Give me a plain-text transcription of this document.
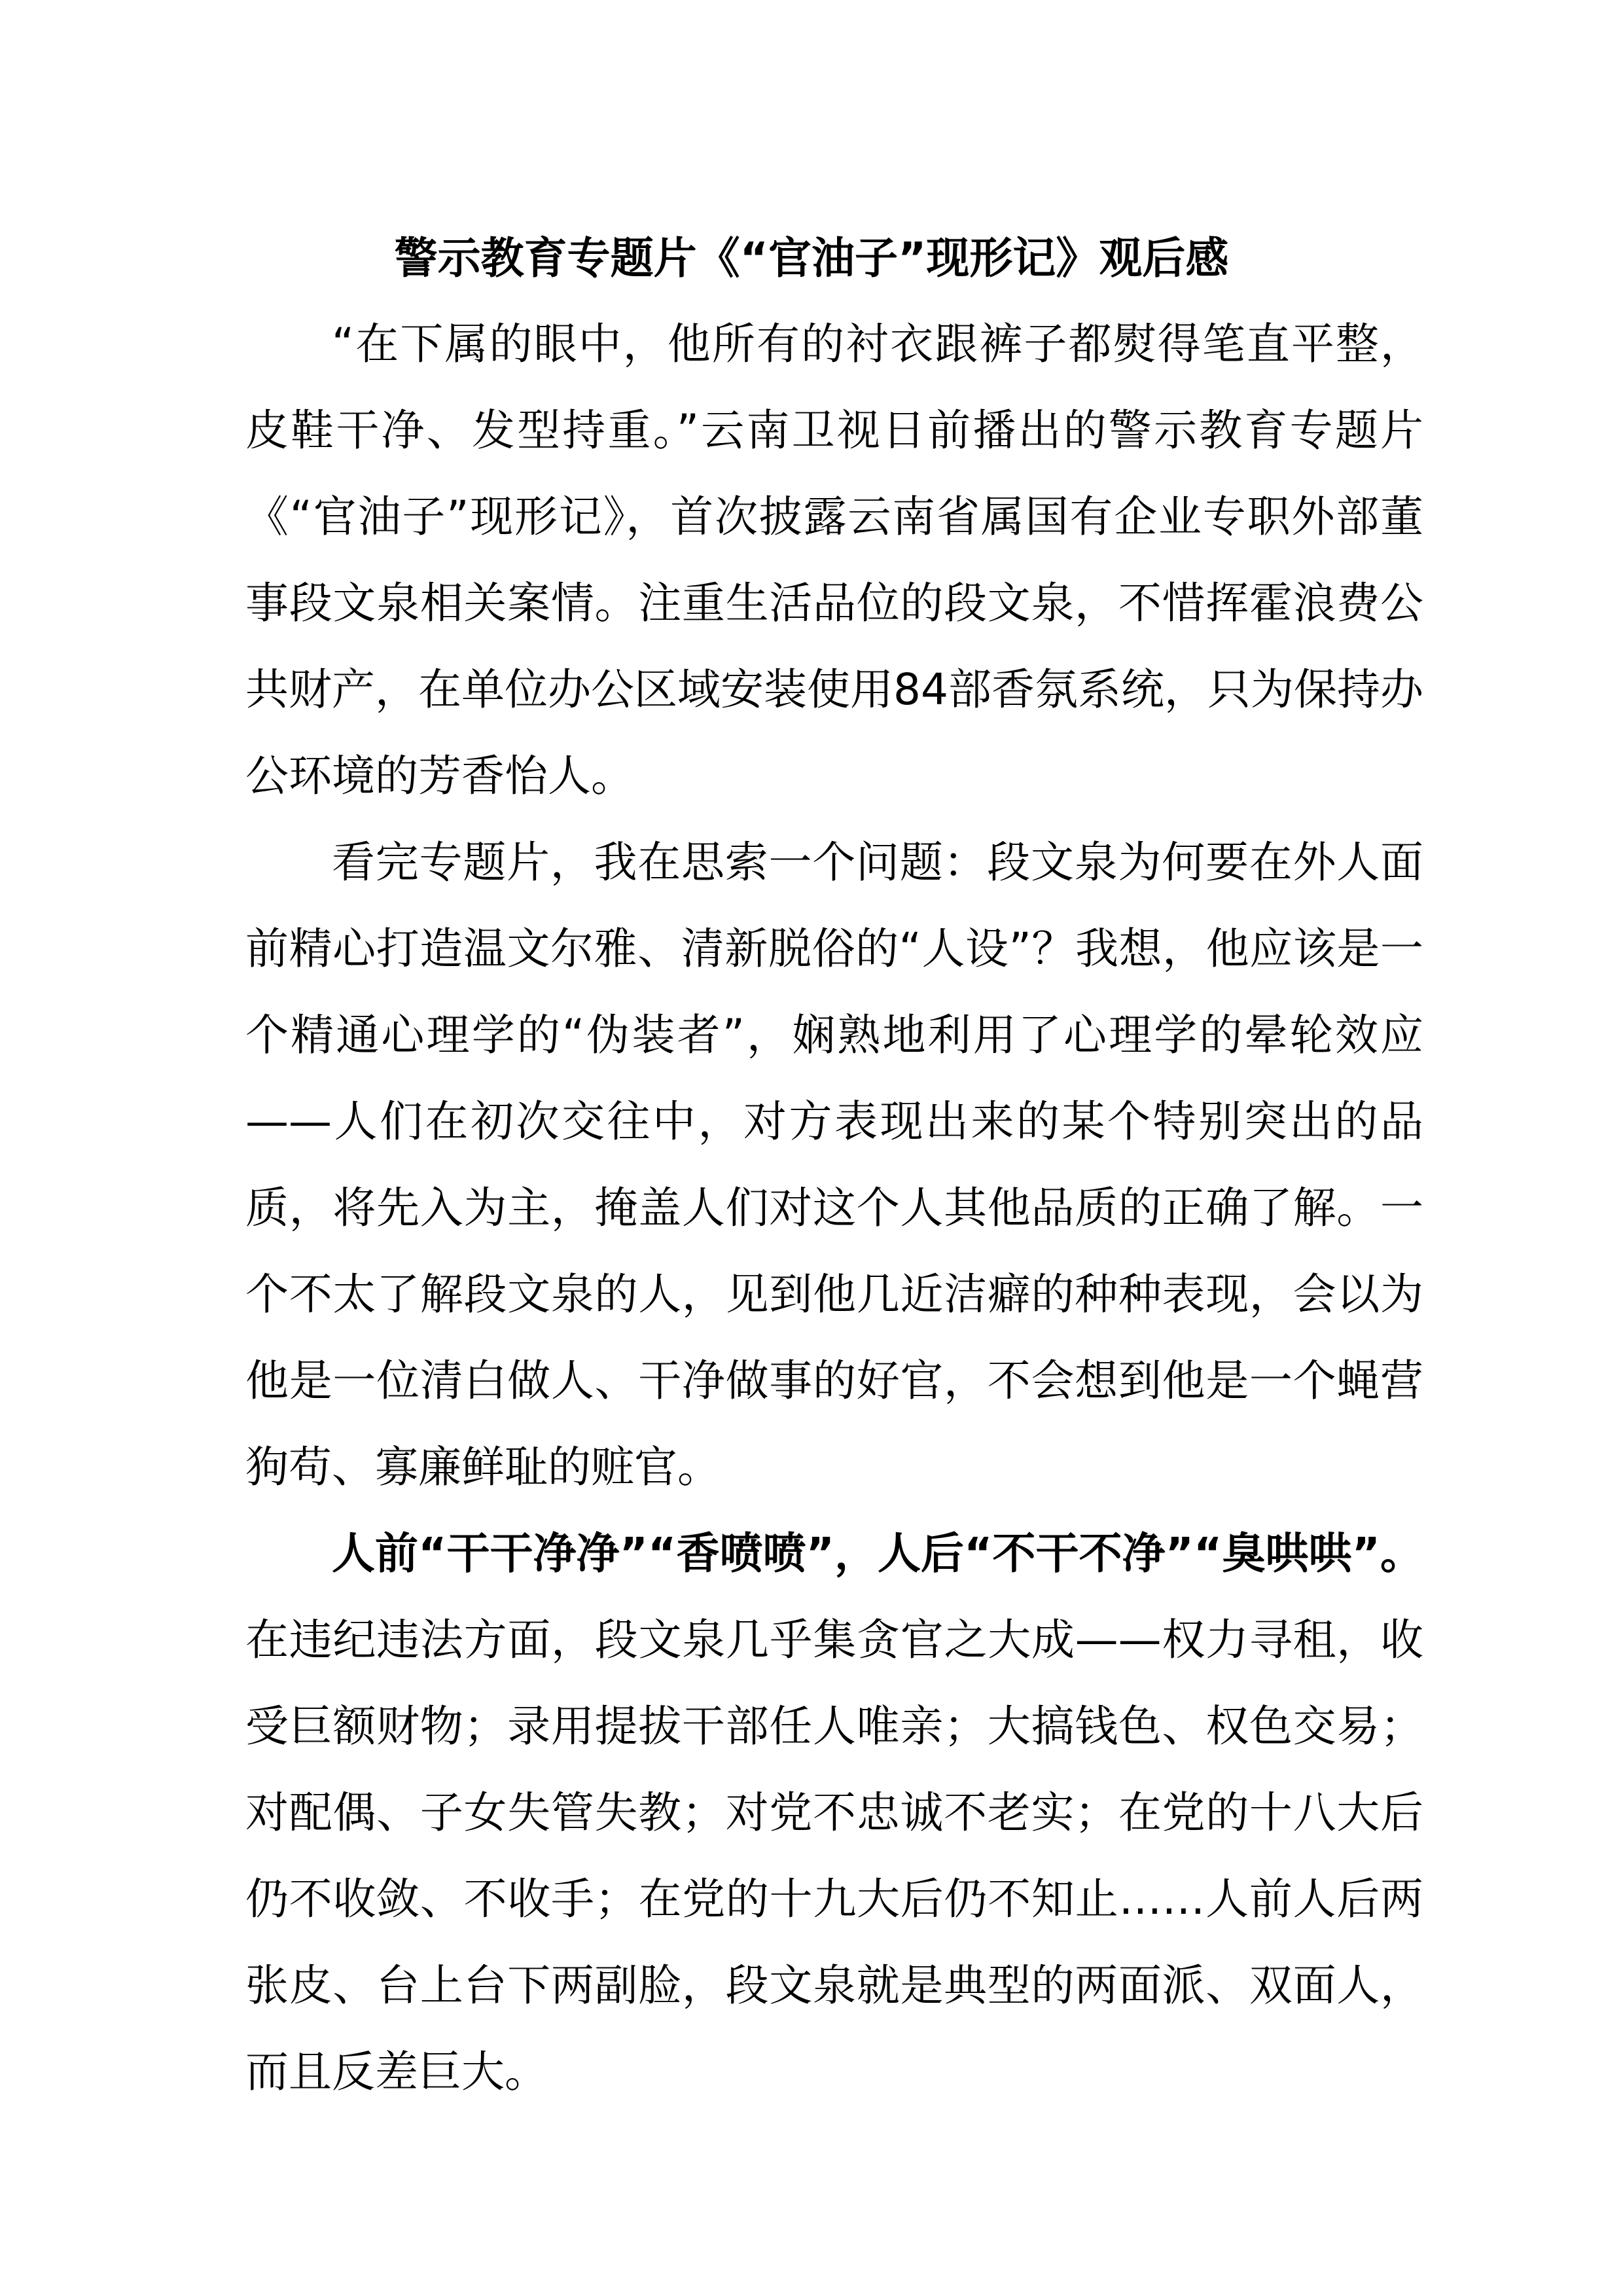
警示教育专题片《“官油子”现形记》观后感

“在下属的眼中，他所有的衬衣跟裤子都熨得笔直平整，皮鞋干净、发型持重。”云南卫视日前播出的警示教育专题片《“官油子”现形记》，首次披露云南省属国有企业专职外部董事段文泉相关案情。注重生活品位的段文泉，不惜挥霍浪费公共财产，在单位办公区域安装使用84部香氛系统，只为保持办公环境的芳香怡人。

看完专题片，我在思索一个问题：段文泉为何要在外人面前精心打造温文尔雅、清新脱俗的“人设”？我想，他应该是一个精通心理学的“伪装者”，娴熟地利用了心理学的晕轮效应——人们在初次交往中，对方表现出来的某个特别突出的品质，将先入为主，掩盖人们对这个人其他品质的正确了解。一个不太了解段文泉的人，见到他几近洁癖的种种表现，会以为他是一位清白做人、干净做事的好官，不会想到他是一个蝇营狗苟、寡廉鲜耻的赃官。

人前“干干净净”“香喷喷”，人后“不干不净”“臭哄哄”。在违纪违法方面，段文泉几乎集贪官之大成——权力寻租，收受巨额财物；录用提拔干部任人唯亲；大搞钱色、权色交易；对配偶、子女失管失教；对党不忠诚不老实；在党的十八大后仍不收敛、不收手；在党的十九大后仍不知止……人前人后两张皮、台上台下两副脸，段文泉就是典型的两面派、双面人，而且反差巨大。
